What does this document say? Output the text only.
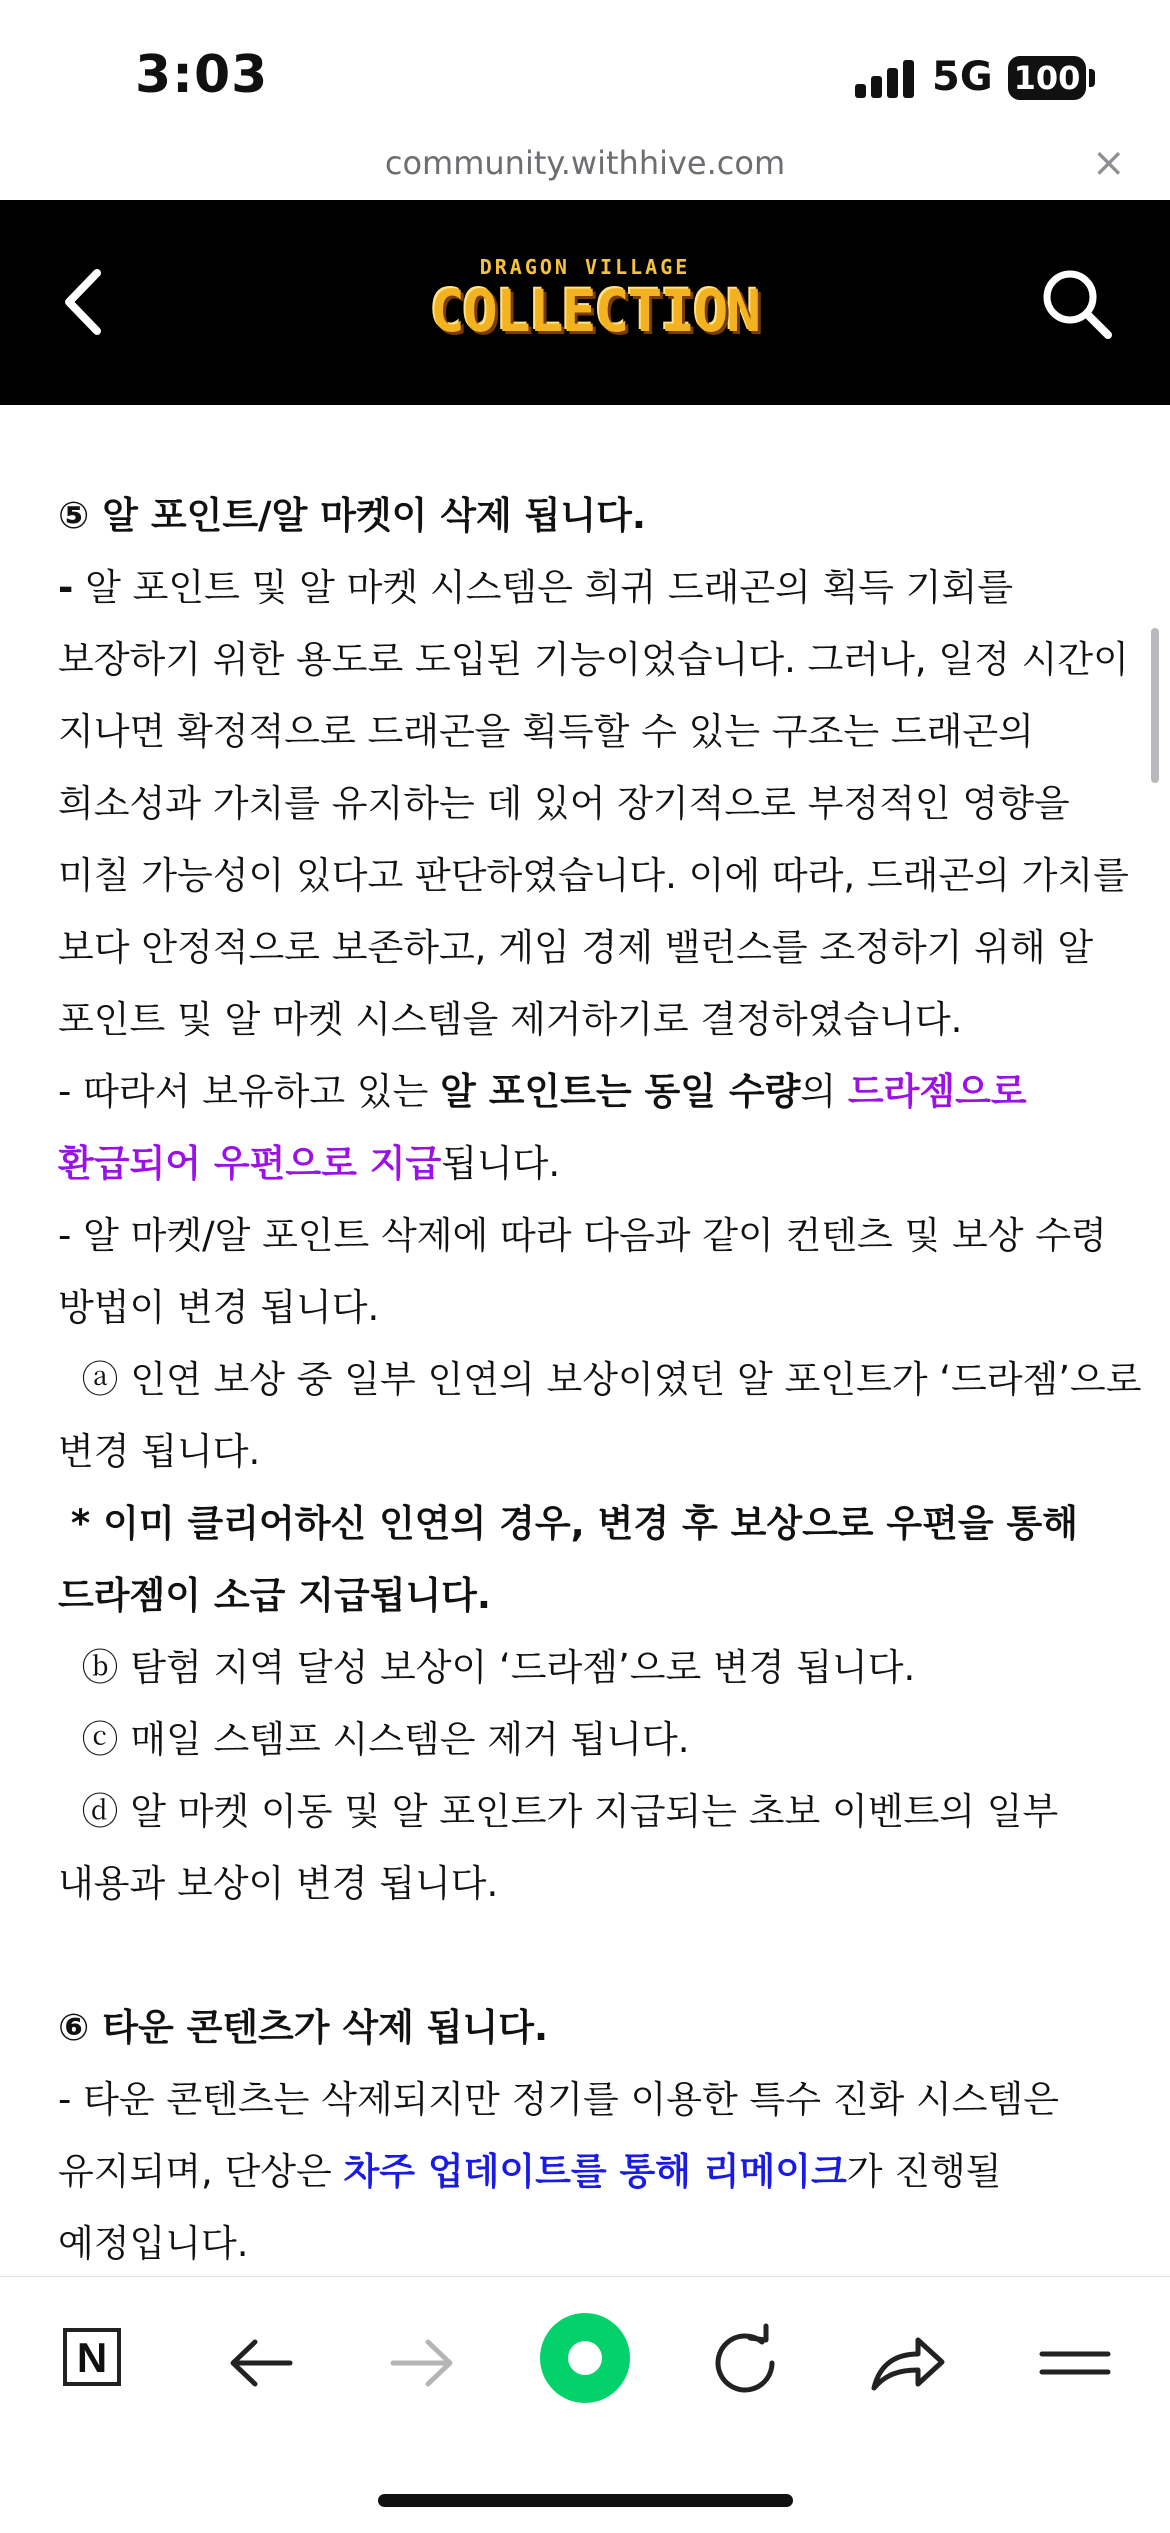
3:03	5G 100
community.withhive.com	×
DRAGON VILLAGE
COLLECTION

⑤ 알 포인트/알 마켓이 삭제 됩니다.

- 알 포인트 및 알 마켓 시스템은 희귀 드래곤의 획득 기회를

보장하기 위한 용도로 도입된 기능이었습니다. 그러나, 일정 시간이

지나면 확정적으로 드래곤을 획득할 수 있는 구조는 드래곤의

희소성과 가치를 유지하는 데 있어 장기적으로 부정적인 영향을

미칠 가능성이 있다고 판단하였습니다. 이에 따라, 드래곤의 가치를

보다 안정적으로 보존하고, 게임 경제 밸런스를 조정하기 위해 알

포인트 및 알 마켓 시스템을 제거하기로 결정하였습니다.

- 따라서 보유하고 있는 알 포인트는 동일 수량의 드라젬으로

환급되어 우편으로 지급됩니다.

- 알 마켓/알 포인트 삭제에 따라 다음과 같이 컨텐츠 및 보상 수령

방법이 변경 됩니다.

ⓐ 인연 보상 중 일부 인연의 보상이였던 알 포인트가 ‘드라젬’으로

변경 됩니다.

* 이미 클리어하신 인연의 경우, 변경 후 보상으로 우편을 통해

드라젬이 소급 지급됩니다.

ⓑ 탐험 지역 달성 보상이 ‘드라젬’으로 변경 됩니다.

ⓒ 매일 스템프 시스템은 제거 됩니다.

ⓓ 알 마켓 이동 및 알 포인트가 지급되는 초보 이벤트의 일부

내용과 보상이 변경 됩니다.

⑥ 타운 콘텐츠가 삭제 됩니다.

- 타운 콘텐츠는 삭제되지만 정기를 이용한 특수 진화 시스템은

유지되며, 단상은 차주 업데이트를 통해 리메이크가 진행될

예정입니다.

N
